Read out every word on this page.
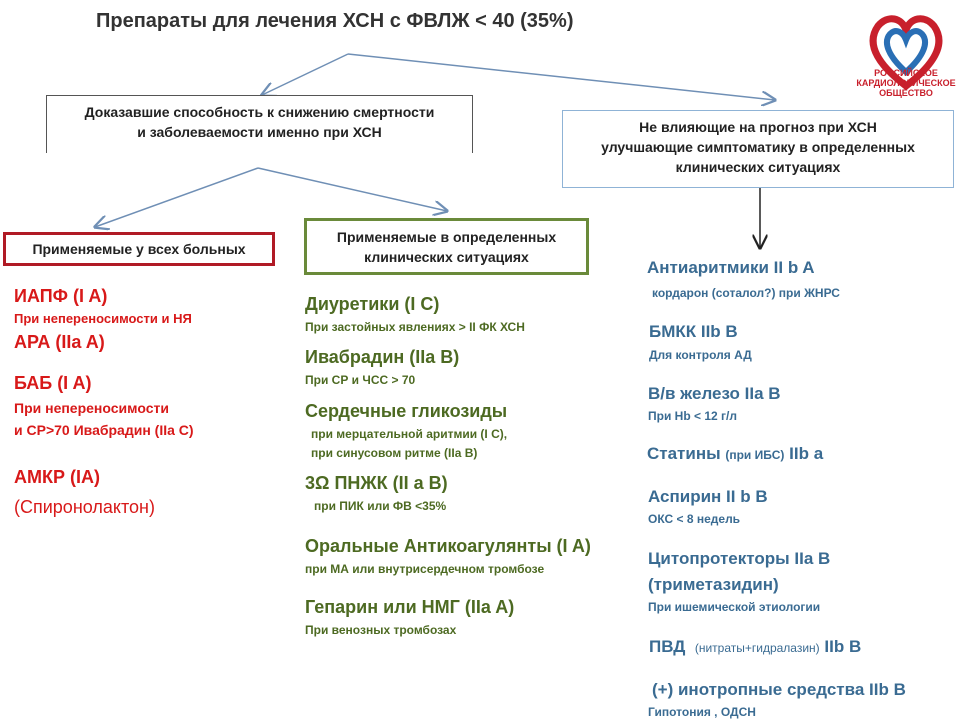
Препараты для лечения ХСН с ФВЛЖ < 40 (35%)
РОССИЙСКОЕ
КАРДИОЛОГИЧЕСКОЕ
ОБЩЕСТВО
Доказавшие способность к снижению смертности
и заболеваемости именно при ХСН	Не влияющие на прогноз при ХСН
улучшающие симптоматику в определенных
клинических ситуациях
Применяемые у всех больных
Применяемые в определенных
клинических ситуациях
ИАПФ (I A)
При непереносимости и НЯ
АРА (IIa A)
БАБ (I A)
При непереносимости
и СР>70 Ивабрадин (IIa C)
АМКР (IA)
(Спиронолактон)
Диуретики (I C)
При застойных явлениях > II ФК ХСН
Ивабрадин (IIa B)
При СР и ЧСС > 70
Сердечные гликозиды
при мерцательной аритмии (I C),
при синусовом ритме (IIa B)
3Ω ПНЖК (II a B)
при ПИК или ФВ <35%
Оральные Антикоагулянты (I A)
при МА или внутрисердечном тромбозе
Гепарин или НМГ (IIa A)
При венозных тромбозах
Антиаритмики II b A
кордарон (соталол?) при ЖНРС
БМКК IIb B
Для контроля АД
В/в железо IIa B
При Hb < 12 г/л
Статины (при ИБС) IIb a
Аспирин II b B
ОКС < 8 недель
Цитопротекторы IIa B
(триметазидин)
При ишемической этиологии
ПВД (нитраты+гидралазин) IIb B
(+) инотропные средства IIb B
Гипотония , ОДСН
